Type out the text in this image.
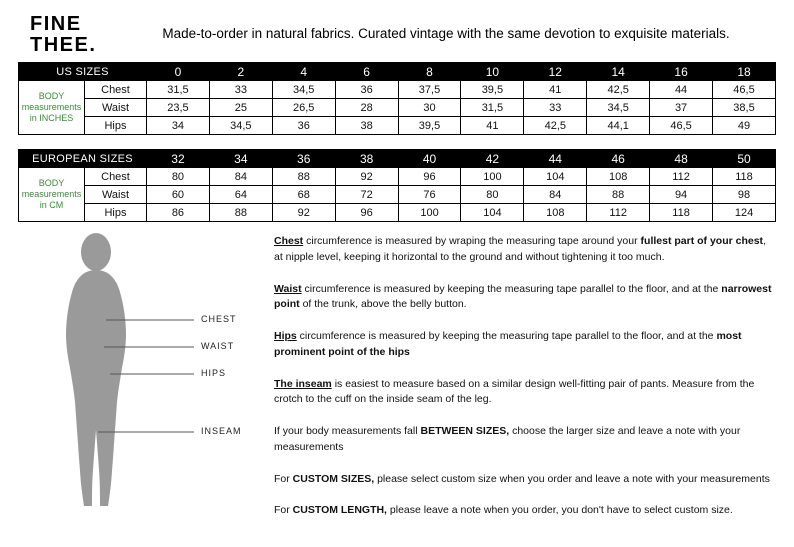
FINE
THEE.
Made-to-order in natural fabrics. Curated vintage with the same devotion to exquisite materials.
US SIZES		0	2	4	6	8	10	12	14	16	18

BODY
measurements
in INCHES	Chest	31,5	33	34,5	36	37,5	39,5	41	42,5	44	46,5
	Waist	23,5	25	26,5	28	30	31,5	33	34,5	37	38,5
	Hips	34	34,5	36	38	39,5	41	42,5	44,1	46,5	49
EUROPEAN SIZES		32	34	36	38	40	42	44	46	48	50

BODY
measurements
in CM	Chest	80	84	88	92	96	100	104	108	112	118
	Waist	60	64	68	72	76	80	84	88	94	98
	Hips	86	88	92	96	100	104	108	112	118	124
CHEST
WAIST
HIPS
INSEAM

Chest circumference is measured by wraping the measuring tape around your fullest part of your chest, at nipple level, keeping it horizontal to the ground and without tightening it too much.

Waist circumference is measured by keeping the measuring tape parallel to the floor, and at the narrowest point of the trunk, above the belly button.

Hips circumference is measured by keeping the measuring tape parallel to the floor, and at the most prominent point of the hips

The inseam is easiest to measure based on a similar design well-fitting pair of pants. Measure from the crotch to the cuff on the inside seam of the leg.

If your body measurements fall BETWEEN SIZES, choose the larger size and leave a note with your measurements

For CUSTOM SIZES, please select custom size when you order and leave a note with your measurements

For CUSTOM LENGTH, please leave a note when you order, you don't have to select custom size.
